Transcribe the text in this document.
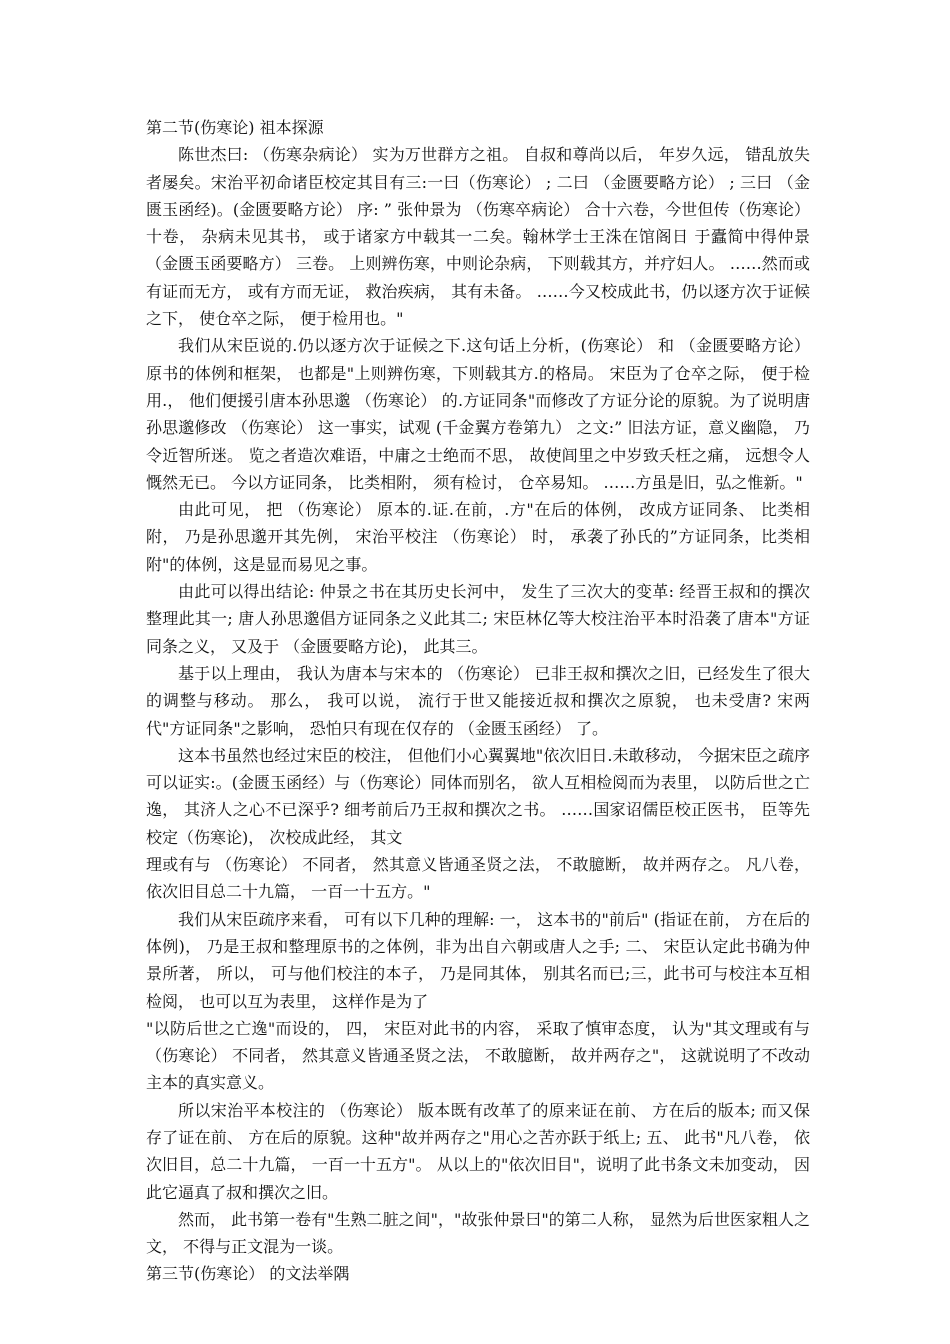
第二节(伤寒论) 祖本探源

陈世杰曰: （伤寒杂病论） 实为万世群方之祖。 自叔和尊尚以后， 年岁久远， 错乱放失者屡矣。宋治平初命诸臣校定其目有三:一曰（伤寒论） ; 二曰 （金匮要略方论） ; 三曰 （金匮玉函经)。(金匮要略方论） 序: ” 张仲景为 （伤寒卒病论） 合十六卷，今世但传（伤寒论） 十卷， 杂病未见其书， 或于诸家方中载其一二矣。翰林学士王洙在馆阁日 于蠹简中得仲景 （金匮玉函要略方） 三卷。 上则辨伤寒，中则论杂病， 下则载其方，并疗妇人。 ……然而或有证而无方， 或有方而无证， 救治疾病， 其有未备。 ……今又校成此书，仍以逐方次于证候之下， 使仓卒之际， 便于检用也。"

我们从宋臣说的.仍以逐方次于证候之下.这句话上分析，(伤寒论） 和 （金匮要略方论） 原书的体例和框架， 也都是"上则辨伤寒，下则载其方.的格局。 宋臣为了仓卒之际， 便于检用.， 他们便援引唐本孙思邈 （伤寒论） 的.方证同条"而修改了方证分论的原貌。为了说明唐孙思邈修改 （伤寒论） 这一事实，试观 (千金翼方卷第九） 之文:” 旧法方证，意义幽隐， 乃令近智所迷。 览之者造次难语，中庸之士绝而不思， 故使闾里之中岁致夭枉之痛， 远想令人慨然无已。 今以方证同条， 比类相附， 须有检讨， 仓卒易知。 ……方虽是旧，弘之惟新。"

由此可见， 把 （伤寒论） 原本的.证.在前，.方"在后的体例， 改成方证同条、 比类相附， 乃是孙思邈开其先例， 宋治平校注 （伤寒论） 时， 承袭了孙氏的”方证同条，比类相附"的体例，这是显而易见之事。

由此可以得出结论: 仲景之书在其历史长河中， 发生了三次大的变革: 经晋王叔和的撰次整理此其一; 唐人孙思邈倡方证同条之义此其二; 宋臣林亿等大校注治平本时沿袭了唐本"方证同条之义， 又及于 （金匮要略方论)， 此其三。

基于以上理由， 我认为唐本与宋本的 （伤寒论） 已非王叔和撰次之旧，已经发生了很大的调整与移动。 那么， 我可以说， 流行于世又能接近叔和撰次之原貌， 也未受唐? 宋两代"方证同条"之影响， 恐怕只有现在仅存的 （金匮玉函经） 了。

这本书虽然也经过宋臣的校注， 但他们小心翼翼地"依次旧日.未敢移动， 今据宋臣之疏序可以证实:。(金匮玉函经）与（伤寒论）同体而别名， 欲人互相检阅而为表里， 以防后世之亡逸， 其济人之心不已深乎? 细考前后乃王叔和撰次之书。 ……国家诏儒臣校正医书， 臣等先校定（伤寒论)， 次校成此经， 其文

理或有与 （伤寒论） 不同者， 然其意义皆通圣贤之法， 不敢臆断， 故并两存之。 凡八卷， 依次旧目总二十九篇， 一百一十五方。"

我们从宋臣疏序来看， 可有以下几种的理解: 一， 这本书的"前后" (指证在前， 方在后的体例)， 乃是王叔和整理原书的之体例，非为出自六朝或唐人之手; 二、 宋臣认定此书确为仲景所著， 所以， 可与他们校注的本子， 乃是同其体， 别其名而已;三，此书可与校注本互相检阅， 也可以互为表里， 这样作是为了

"以防后世之亡逸"而设的， 四， 宋臣对此书的内容， 采取了慎审态度， 认为"其文理或有与 （伤寒论） 不同者， 然其意义皆通圣贤之法， 不敢臆断， 故并两存之"， 这就说明了不改动主本的真实意义。

所以宋治平本校注的 （伤寒论） 版本既有改革了的原来证在前、 方在后的版本; 而又保存了证在前、 方在后的原貌。这种"故并两存之"用心之苦亦跃于纸上; 五、 此书"凡八卷， 依次旧目，总二十九篇， 一百一十五方"。 从以上的"依次旧目"，说明了此书条文未加变动， 因此它逼真了叔和撰次之旧。

然而， 此书第一卷有"生熟二脏之间"，"故张仲景曰"的第二人称， 显然为后世医家粗人之文， 不得与正文混为一谈。

第三节(伤寒论） 的文法举隅
